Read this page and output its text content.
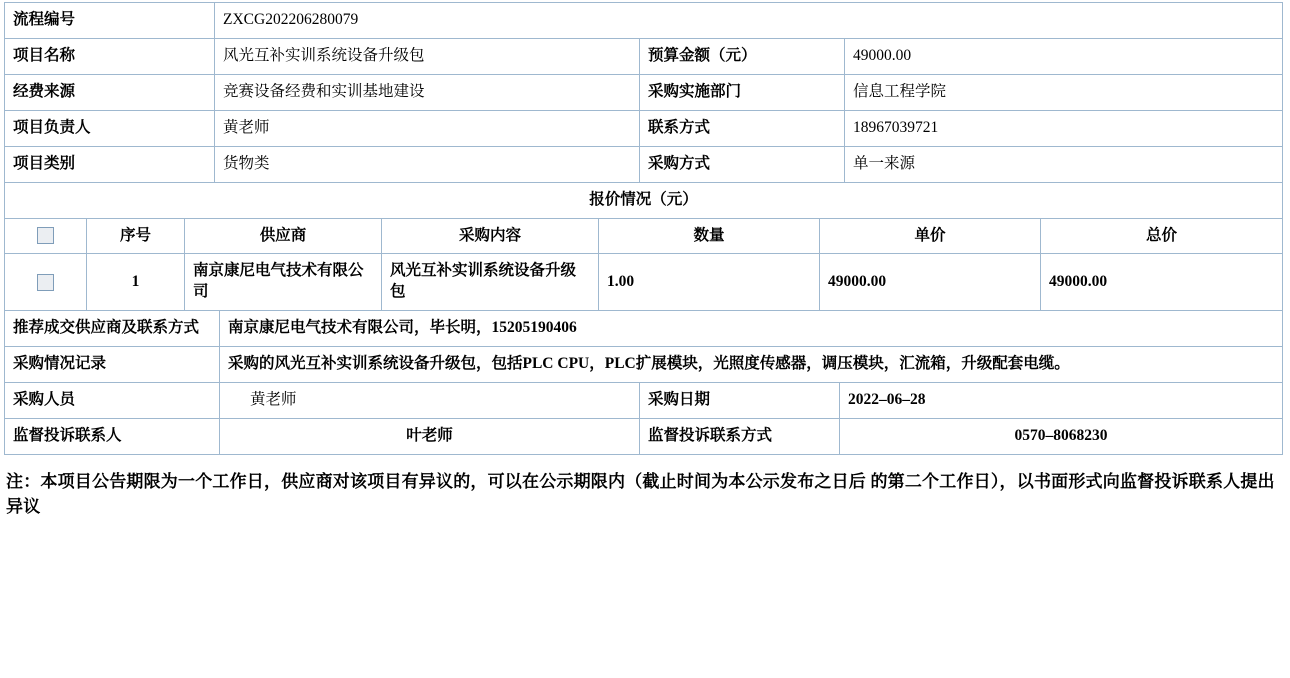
流程编号	ZXCG202206280079		
项目名称	风光互补实训系统设备升级包	预算金额（元）	49000.00
经费来源	竞赛设备经费和实训基地建设	采购实施部门	信息工程学院
项目负责人	黄老师	联系方式	18967039721
项目类别	货物类	采购方式	单一来源
报价情况（元）			
	序号	供应商	采购内容	数量	单价	总价
	1	南京康尼电气技术有限公司	风光互补实训系统设备升级包	1.00	49000.00	49000.00
推荐成交供应商及联系方式	南京康尼电气技术有限公司，毕长明，15205190406		
采购情况记录	采购的风光互补实训系统设备升级包，包括PLC CPU，PLC扩展模块，光照度传感器，调压模块，汇流箱，升级配套电缆。		
采购人员	黄老师	采购日期	2022–06–28
监督投诉联系人	叶老师	监督投诉联系方式	0570–8068230
注：本项目公告期限为一个工作日，供应商对该项目有异议的，可以在公示期限内（截止时间为本公示发布之日后 的第二个工作日），以书面形式向监督投诉联系人提出异议
